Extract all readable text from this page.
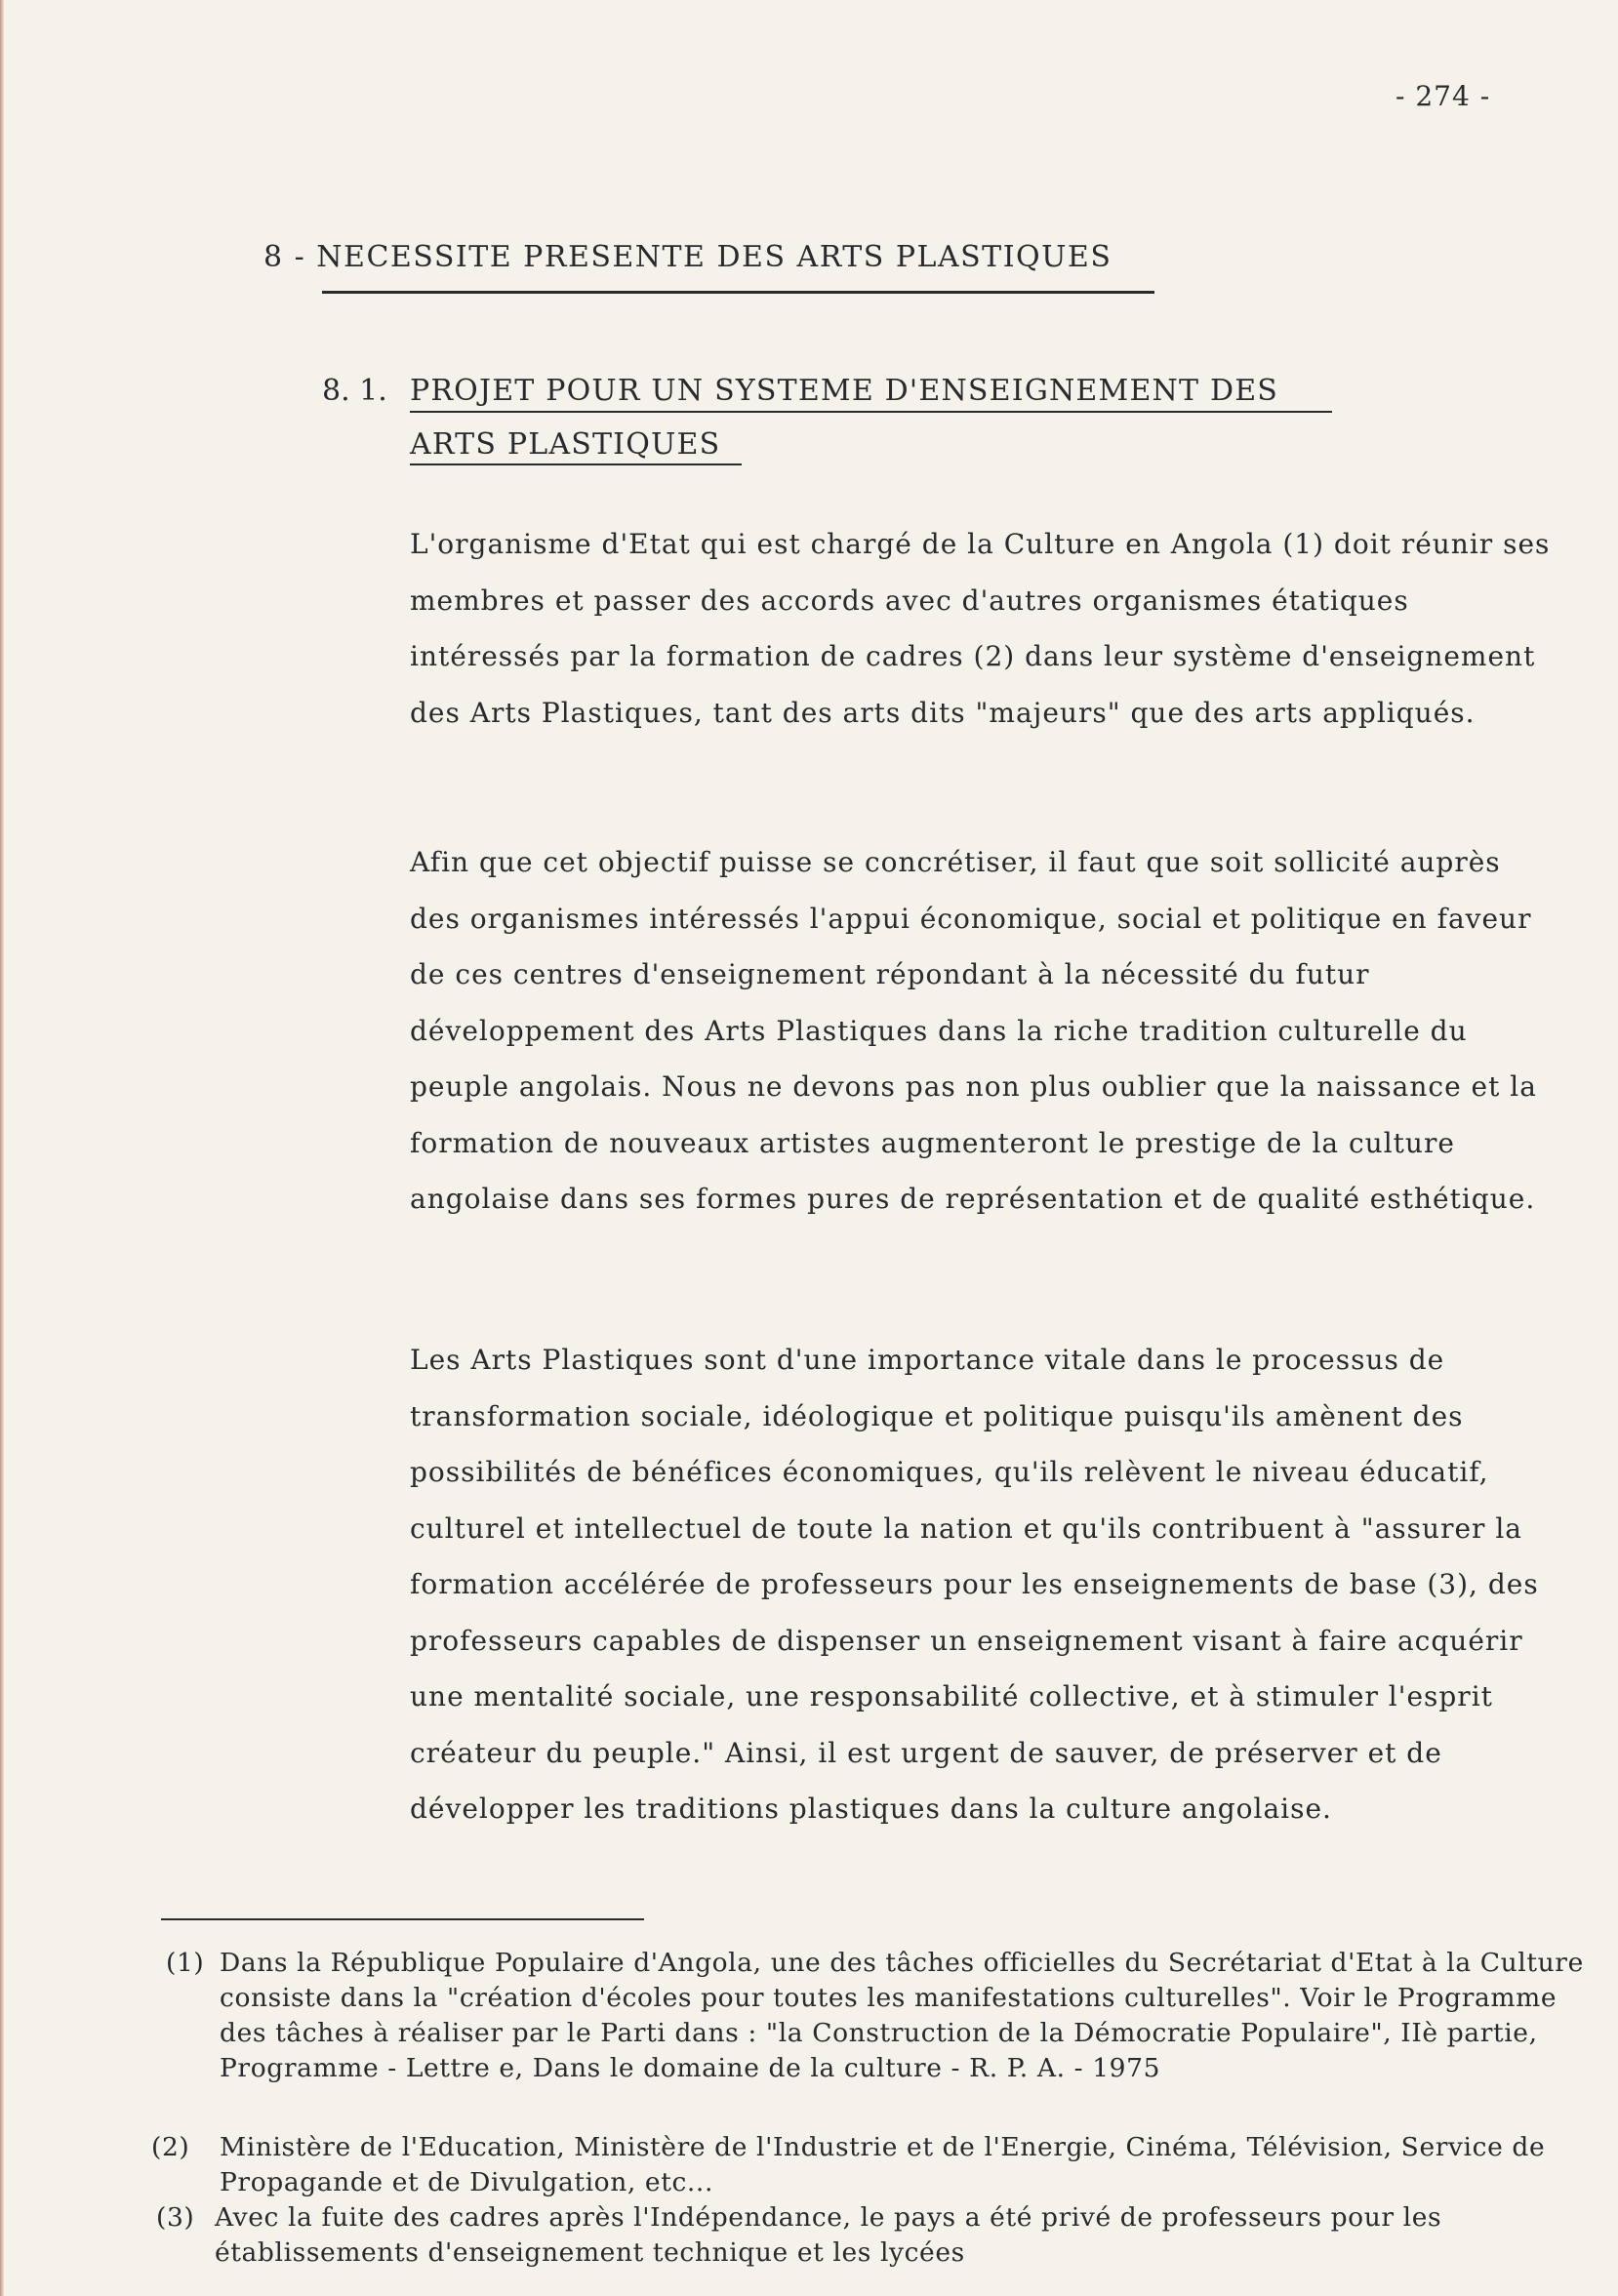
- 274 -
8 - NECESSITE PRESENTE DES ARTS PLASTIQUES
8. 1. PROJET POUR UN SYSTEME D'ENSEIGNEMENT DES
ARTS PLASTIQUES

L'organisme d'Etat qui est chargé de la Culture en Angola (1) doit réunir ses membres et passer des accords avec d'autres organismes étatiques intéressés par la formation de cadres (2) dans leur système d'enseignement des Arts Plastiques, tant des arts dits "majeurs" que des arts appliqués.

Afin que cet objectif puisse se concrétiser, il faut que soit sollicité auprès des organismes intéressés l'appui économique, social et politique en faveur de ces centres d'enseignement répondant à la nécessité du futur développement des Arts Plastiques dans la riche tradition culturelle du peuple angolais. Nous ne devons pas non plus oublier que la naissance et la formation de nouveaux artistes augmenteront le prestige de la culture angolaise dans ses formes pures de représentation et de qualité esthétique.

Les Arts Plastiques sont d'une importance vitale dans le processus de transformation sociale, idéologique et politique puisqu'ils amènent des possibilités de bénéfices économiques, qu'ils relèvent le niveau éducatif, culturel et intellectuel de toute la nation et qu'ils contribuent à "assurer la formation accélérée de professeurs pour les enseignements de base (3), des professeurs capables de dispenser un enseignement visant à faire acquérir une mentalité sociale, une responsabilité collective, et à stimuler l'esprit créateur du peuple." Ainsi, il est urgent de sauver, de préserver et de développer les traditions plastiques dans la culture angolaise.

(1) Dans la République Populaire d'Angola, une des tâches officielles du Secrétariat d'Etat à la Culture consiste dans la "création d'écoles pour toutes les manifestations culturelles". Voir le Programme des tâches à réaliser par le Parti dans : "la Construction de la Démocratie Populaire", IIè partie, Programme - Lettre e, Dans le domaine de la culture - R. P. A. - 1975

(2) Ministère de l'Education, Ministère de l'Industrie et de l'Energie, Cinéma, Télévision, Service de Propagande et de Divulgation, etc...

(3) Avec la fuite des cadres après l'Indépendance, le pays a été privé de professeurs pour les établissements d'enseignement technique et les lycées
